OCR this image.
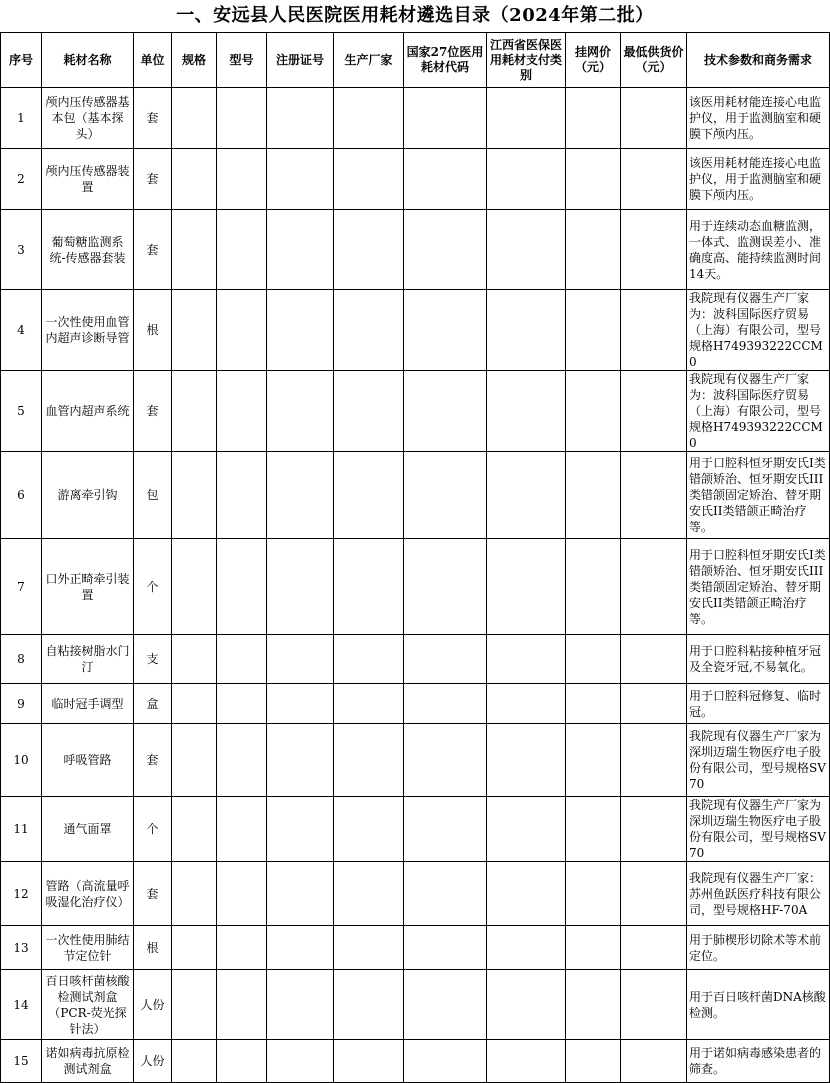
一、安远县人民医院医用耗材遴选目录（2024年第二批）
序号	耗材名称	单位	规格	型号	注册证号	生产厂家	国家27位医用耗材代码	江西省医保医用耗材支付类别	挂网价（元）	最低供货价（元）	技术参数和商务需求
1	颅内压传感器基本包（基本探头）	套									该医用耗材能连接心电监护仪，用于监测脑室和硬膜下颅内压。
2	颅内压传感器装置	套									该医用耗材能连接心电监护仪，用于监测脑室和硬膜下颅内压。
3	葡萄糖监测系统-传感器套装	套									用于连续动态血糖监测，一体式、监测误差小、准确度高、能持续监测时间14天。
4	一次性使用血管内超声诊断导管	根									我院现有仪器生产厂家为：波科国际医疗贸易（上海）有限公司，型号规格H749393222CCM0
5	血管内超声系统	套									我院现有仪器生产厂家为：波科国际医疗贸易（上海）有限公司，型号规格H749393222CCM0
6	游离牵引钩	包									用于口腔科恒牙期安氏I类错颌矫治、恒牙期安氏III类错颌固定矫治、替牙期安氏II类错颌正畸治疗等。
7	口外正畸牵引装置	个									用于口腔科恒牙期安氏I类错颌矫治、恒牙期安氏III类错颌固定矫治、替牙期安氏II类错颌正畸治疗等。
8	自粘接树脂水门汀	支									用于口腔科粘接种植牙冠及全瓷牙冠,不易氧化。
9	临时冠手调型	盒									用于口腔科冠修复、临时冠。
10	呼吸管路	套									我院现有仪器生产厂家为深圳迈瑞生物医疗电子股份有限公司，型号规格SV70
11	通气面罩	个									我院现有仪器生产厂家为深圳迈瑞生物医疗电子股份有限公司，型号规格SV70
12	管路（高流量呼吸湿化治疗仪）	套									我院现有仪器生产厂家：苏州鱼跃医疗科技有限公司，型号规格HF-70A
13	一次性使用肺结节定位针	根									用于肺楔形切除术等术前定位。
14	百日咳杆菌核酸检测试剂盒（PCR-荧光探针法）	人份									用于百日咳杆菌DNA核酸检测。
15	诺如病毒抗原检测试剂盒	人份									用于诺如病毒感染患者的筛查。
